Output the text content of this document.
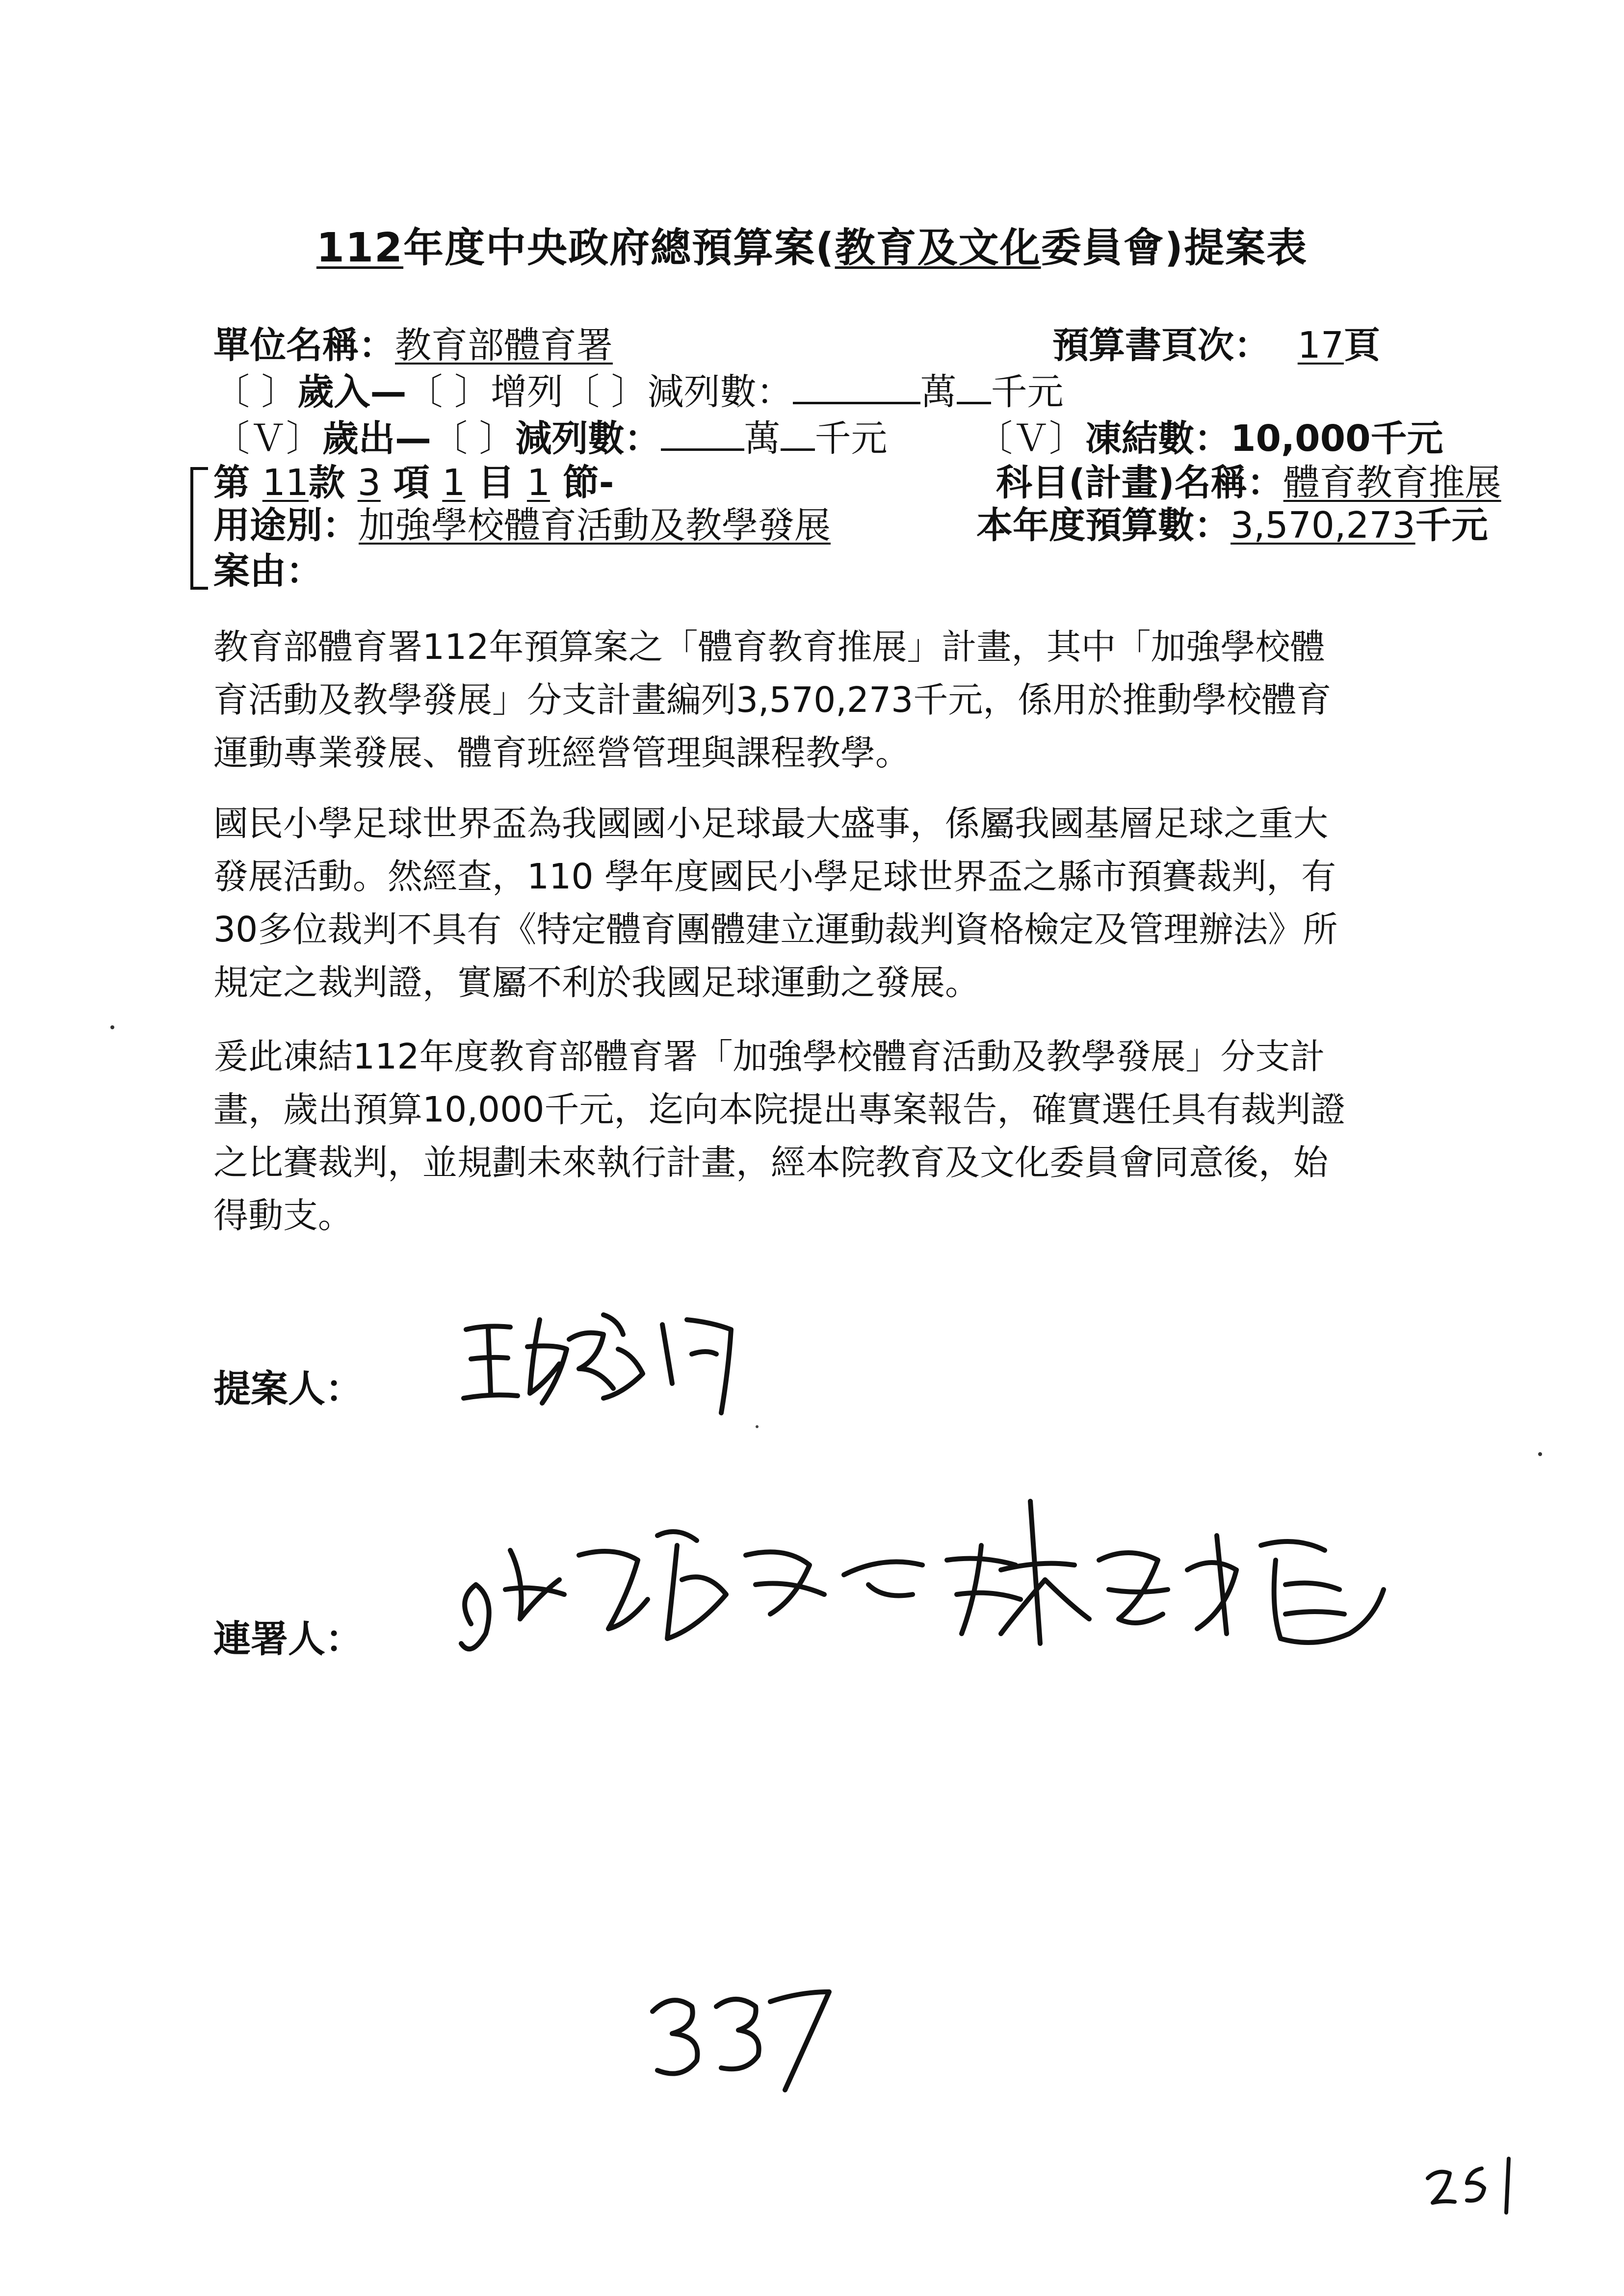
112年度中央政府總預算案(教育及文化委員會)提案表
單位名稱：教育部體育署	預算書頁次： 17頁
〔 〕歲入—〔 〕增列〔 〕減列數：	萬 千元
〔Ｖ〕歲出—〔 〕減列數： 萬 千元 〔Ｖ〕凍結數：10,000千元
第 11款 3 項 1 目 1 節-	科目(計畫)名稱：體育教育推展
用途別：加強學校體育活動及教學發展	本年度預算數：3,570,273千元
案由：
教育部體育署112年預算案之「體育教育推展」計畫，其中「加強學校體
育活動及教學發展」分支計畫編列3,570,273千元，係用於推動學校體育
運動專業發展、體育班經營管理與課程教學。
國民小學足球世界盃為我國國小足球最大盛事，係屬我國基層足球之重大
發展活動。然經查，110 學年度國民小學足球世界盃之縣市預賽裁判，有
30多位裁判不具有《特定體育團體建立運動裁判資格檢定及管理辦法》所
規定之裁判證，實屬不利於我國足球運動之發展。
爰此凍結112年度教育部體育署「加強學校體育活動及教學發展」分支計
畫，歲出預算10,000千元，迄向本院提出專案報告，確實選任具有裁判證
之比賽裁判，並規劃未來執行計畫，經本院教育及文化委員會同意後，始
得動支。
提案人：
連署人：
